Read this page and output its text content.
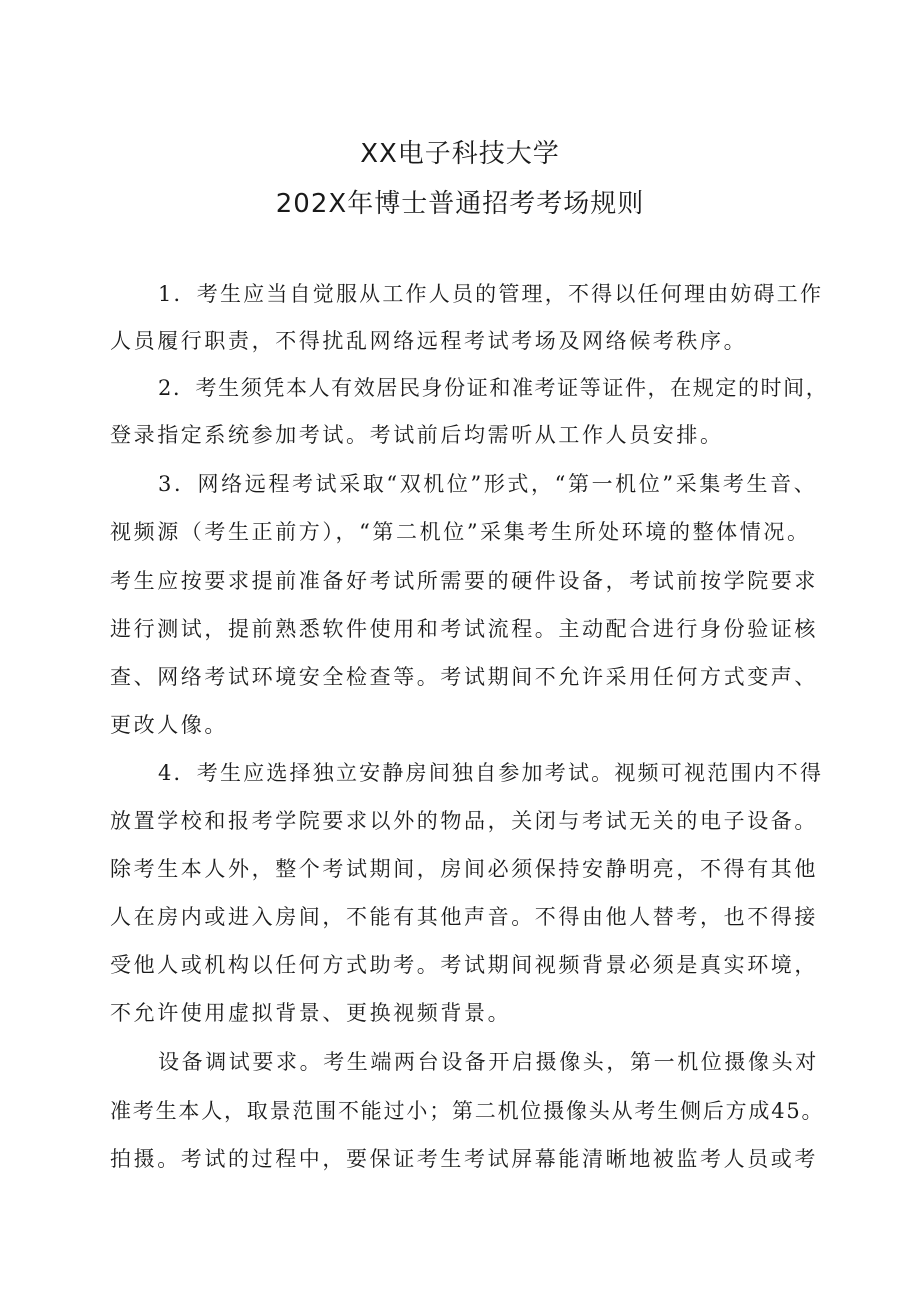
XX电子科技大学
202X年博士普通招考考场规则
1．考生应当自觉服从工作人员的管理，不得以任何理由妨碍工作
人员履行职责，不得扰乱网络远程考试考场及网络候考秩序。
2．考生须凭本人有效居民身份证和准考证等证件，在规定的时间，
登录指定系统参加考试。考试前后均需听从工作人员安排。
3．网络远程考试采取“双机位”形式，“第一机位”采集考生音、
视频源（考生正前方），“第二机位”采集考生所处环境的整体情况。
考生应按要求提前准备好考试所需要的硬件设备，考试前按学院要求
进行测试，提前熟悉软件使用和考试流程。主动配合进行身份验证核
查、网络考试环境安全检查等。考试期间不允许采用任何方式变声、
更改人像。
4．考生应选择独立安静房间独自参加考试。视频可视范围内不得
放置学校和报考学院要求以外的物品，关闭与考试无关的电子设备。
除考生本人外，整个考试期间，房间必须保持安静明亮，不得有其他
人在房内或进入房间，不能有其他声音。不得由他人替考，也不得接
受他人或机构以任何方式助考。考试期间视频背景必须是真实环境，
不允许使用虚拟背景、更换视频背景。
设备调试要求。考生端两台设备开启摄像头，第一机位摄像头对
准考生本人，取景范围不能过小；第二机位摄像头从考生侧后方成45。
拍摄。考试的过程中，要保证考生考试屏幕能清晰地被监考人员或考
